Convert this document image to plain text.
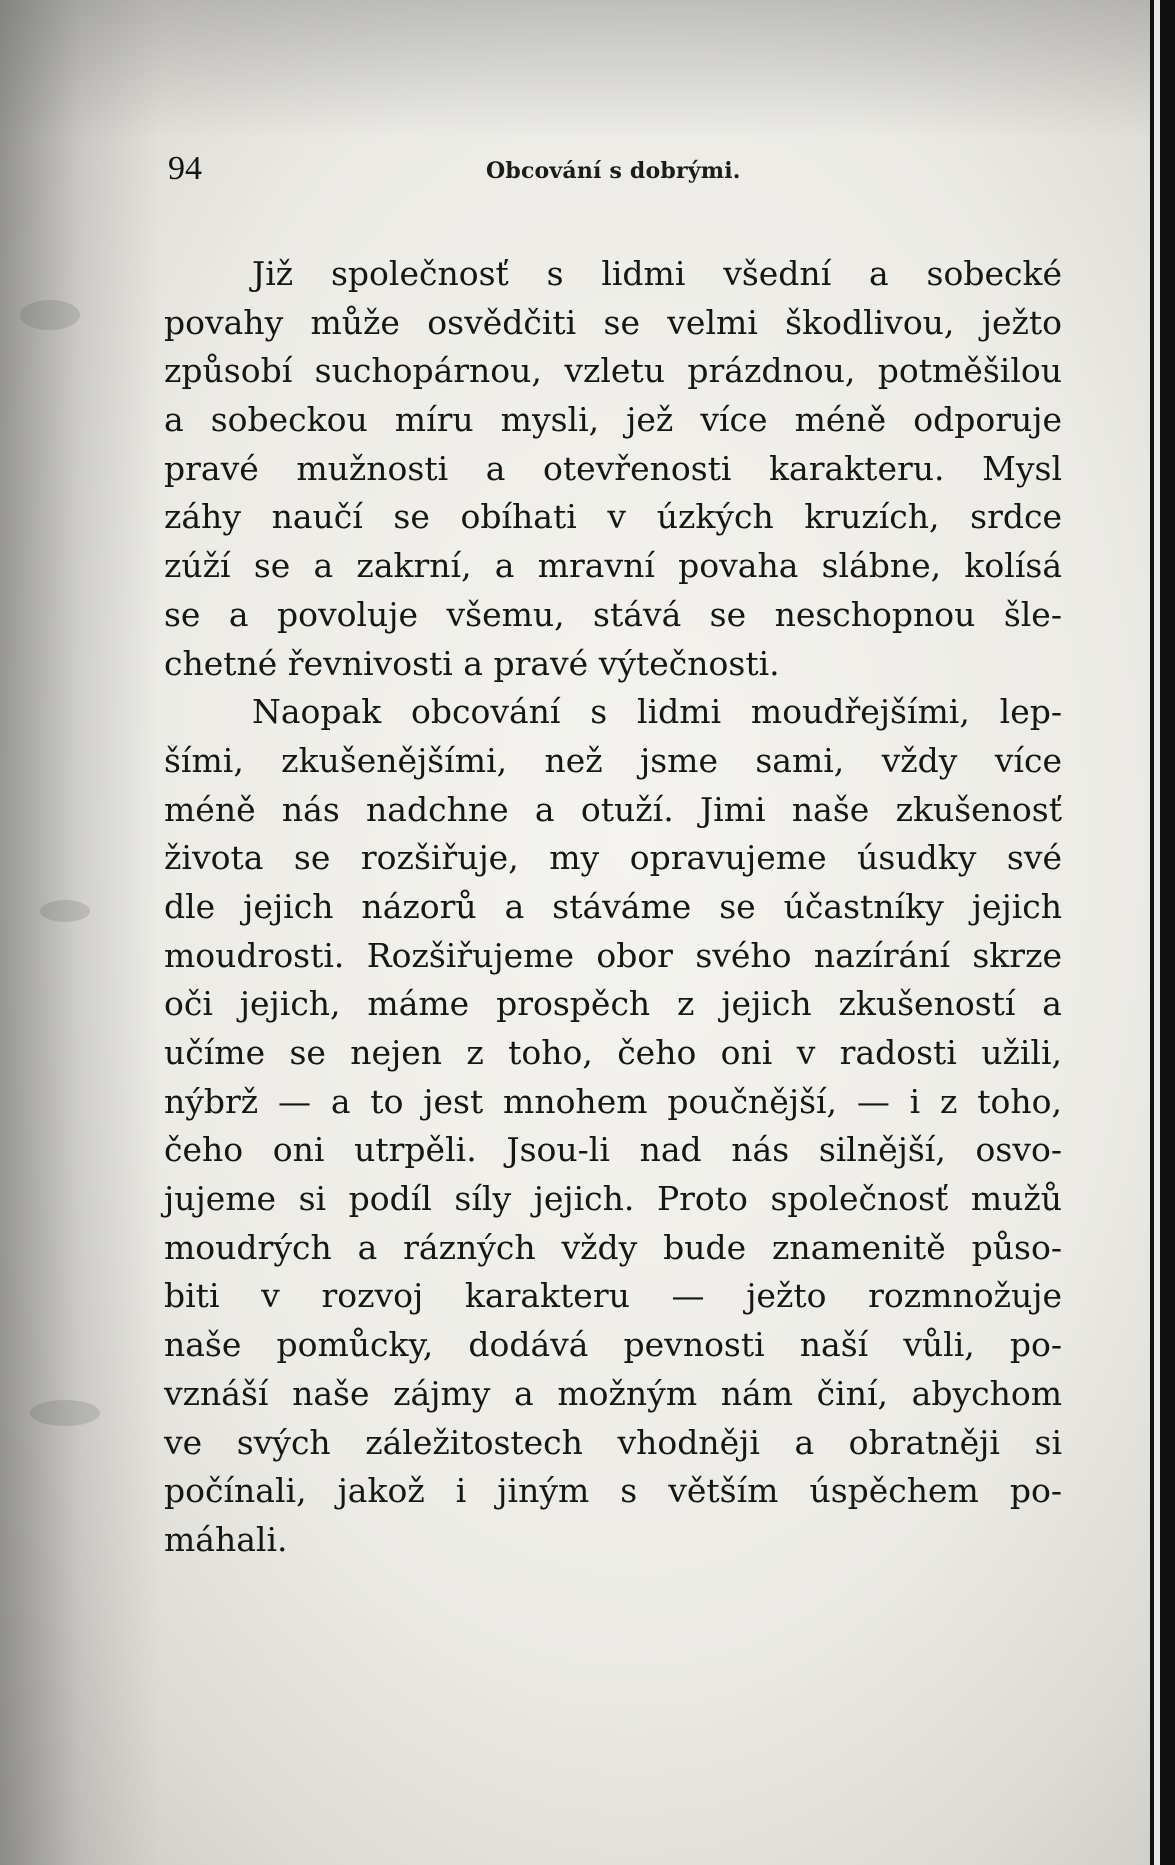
94	Obcování s dobrými.
Již společnosť s lidmi všední a sobecké
povahy může osvědčiti se velmi škodlivou, ježto
způsobí suchopárnou, vzletu prázdnou, potměšilou
a sobeckou míru mysli, jež více méně odporuje
pravé mužnosti a otevřenosti karakteru. Mysl
záhy naučí se obíhati v úzkých kruzích, srdce
zúží se a zakrní, a mravní povaha slábne, kolísá
se a povoluje všemu, stává se neschopnou šle-
chetné řevnivosti a pravé výtečnosti.
Naopak obcování s lidmi moudřejšími, lep-
šími, zkušenějšími, než jsme sami, vždy více
méně nás nadchne a otuží. Jimi naše zkušenosť
života se rozšiřuje, my opravujeme úsudky své
dle jejich názorů a stáváme se účastníky jejich
moudrosti. Rozšiřujeme obor svého nazírání skrze
oči jejich, máme prospěch z jejich zkušeností a
učíme se nejen z toho, čeho oni v radosti užili,
nýbrž — a to jest mnohem poučnější, — i z toho,
čeho oni utrpěli. Jsou-li nad nás silnější, osvo-
jujeme si podíl síly jejich. Proto společnosť mužů
moudrých a rázných vždy bude znamenitě půso-
biti v rozvoj karakteru — ježto rozmnožuje
naše pomůcky, dodává pevnosti naší vůli, po-
vznáší naše zájmy a možným nám činí, abychom
ve svých záležitostech vhodněji a obratněji si
počínali, jakož i jiným s větším úspěchem po-
máhali.
